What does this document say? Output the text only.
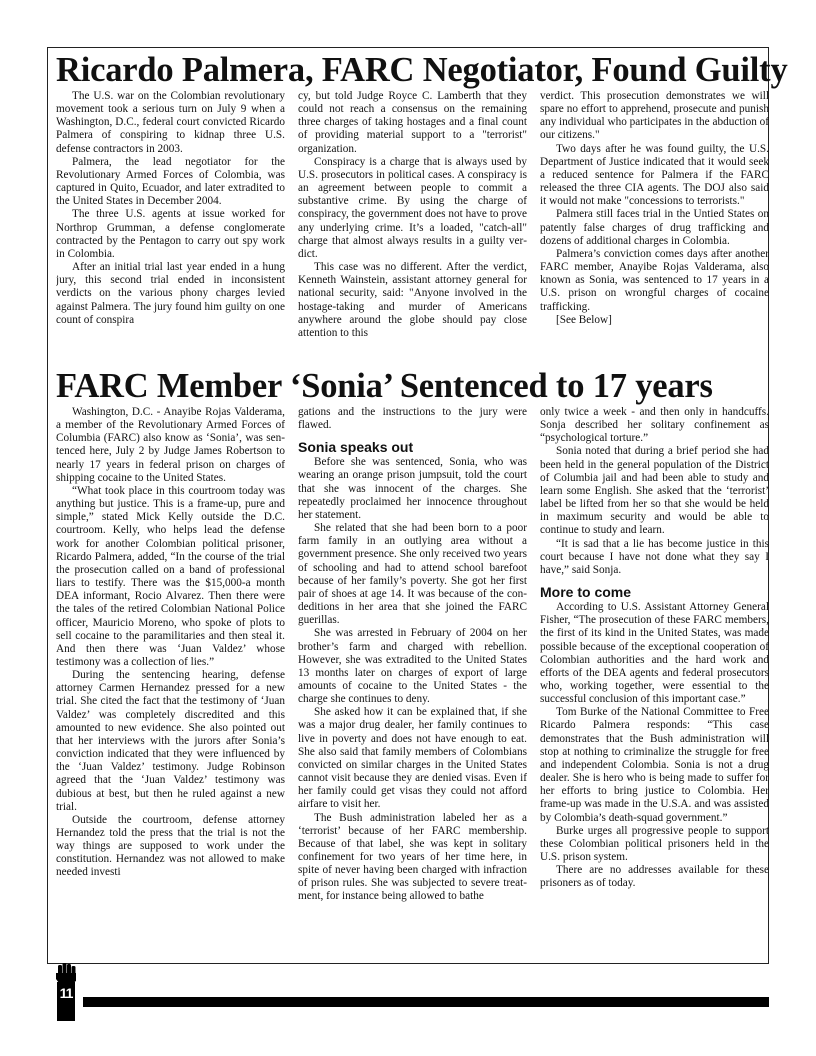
Ricardo Palmera, FARC Negotiator, Found Guilty

The U.S. war on the Colombian revolutionary movement took a serious turn on July 9 when a Washington, D.C., federal court convicted Ricardo Palmera of conspiring to kidnap three U.S. defense contractors in 2003.

Palmera, the lead negotiator for the Revolutionary Armed Forces of Colombia, was captured in Quito, Ecuador, and later extradited to the United States in December 2004.

The three U.S. agents at issue worked for Northrop Grumman, a defense conglomerate contracted by the Pentagon to carry out spy work in Colombia.

After an initial trial last year ended in a hung jury, this second trial ended in inconsistent verdicts on the various phony charges levied against Palmera. The jury found him guilty on one count of conspira

cy, but told Judge Royce C. Lamberth that they could not reach a consensus on the remaining three charges of taking hostages and a final count of providing material support to a "terrorist" organization.

Conspiracy is a charge that is always used by U.S. prosecutors in political cases. A conspiracy is an agreement between people to commit a substantive crime. By using the charge of conspiracy, the government does not have to prove any underlying crime. It’s a loaded, "catch-all" charge that almost always results in a guilty verdict.

This case was no different. After the verdict, Kenneth Wainstein, assistant attorney general for national security, said: "Anyone involved in the hostage-taking and murder of Americans anywhere around the globe should pay close attention to this

verdict. This prosecution demonstrates we will spare no effort to apprehend, prosecute and punish any individual who participates in the abduction of our citizens."

Two days after he was found guilty, the U.S. Department of Justice indicated that it would seek a reduced sentence for Palmera if the FARC released the three CIA agents. The DOJ also said it would not make "concessions to terrorists."

Palmera still faces trial in the Untied States on patently false charges of drug trafficking and dozens of additional charges in Colombia.

Palmera’s conviction comes days after another FARC member, Anayibe Rojas Valderama, also known as Sonia, was sentenced to 17 years in a U.S. prison on wrongful charges of cocaine trafficking.

[See Below]

FARC Member ‘Sonia’ Sentenced to 17 years

Washington, D.C. - Anayibe Rojas Valderama, a member of the Revolutionary Armed Forces of Columbia (FARC) also know as ‘Sonia’, was sentenced here, July 2 by Judge James Robertson to nearly 17 years in federal prison on charges of shipping cocaine to the United States.

“What took place in this courtroom today was anything but justice. This is a frame-up, pure and simple,” stated Mick Kelly outside the D.C. courtroom. Kelly, who helps lead the defense work for another Colombian political prisoner, Ricardo Palmera, added, “In the course of the trial the prosecution called on a band of professional liars to testify. There was the $15,000-a month DEA informant, Rocio Alvarez. Then there were the tales of the retired Colombian National Police officer, Mauricio Moreno, who spoke of plots to sell cocaine to the paramilitaries and then steal it. And then there was ‘Juan Valdez’ whose testimony was a collection of lies.”

During the sentencing hearing, defense attorney Carmen Hernandez pressed for a new trial. She cited the fact that the testimony of ‘Juan Valdez’ was completely discredited and this amounted to new evidence. She also pointed out that her interviews with the jurors after Sonia’s conviction indicated that they were influenced by the ‘Juan Valdez’ testimony. Judge Robinson agreed that the ‘Juan Valdez’ testimony was dubious at best, but then he ruled against a new trial.

Outside the courtroom, defense attorney Hernandez told the press that the trial is not the way things are supposed to work under the constitution. Hernandez was not allowed to make needed investi

gations and the instructions to the jury were flawed.

Sonia speaks out

Before she was sentenced, Sonia, who was wearing an orange prison jumpsuit, told the court that she was innocent of the charges. She repeatedly proclaimed her innocence throughout her statement.

She related that she had been born to a poor farm family in an outlying area without a government presence. She only received two years of schooling and had to attend school barefoot because of her family’s poverty. She got her first pair of shoes at age 14. It was because of the condeditions in her area that she joined the FARC guerillas.

She was arrested in February of 2004 on her brother’s farm and charged with rebellion. However, she was extradited to the United States 13 months later on charges of export of large amounts of cocaine to the United States - the charge she continues to deny.

She asked how it can be explained that, if she was a major drug dealer, her family continues to live in poverty and does not have enough to eat. She also said that family members of Colombians convicted on similar charges in the United States cannot visit because they are denied visas. Even if her family could get visas they could not afford airfare to visit her.

The Bush administration labeled her as a ‘terrorist’ because of her FARC membership. Because of that label, she was kept in solitary confinement for two years of her time here, in spite of never having been charged with infraction of prison rules. She was subjected to severe treatment, for instance being allowed to bathe

only twice a week - and then only in handcuffs. Sonja described her solitary confinement as “psychological torture.”

Sonia noted that during a brief period she had been held in the general population of the District of Columbia jail and had been able to study and learn some English. She asked that the ‘terrorist’ label be lifted from her so that she would be held in maximum security and would be able to continue to study and learn.

“It is sad that a lie has become justice in this court because I have not done what they say I have,” said Sonja.

More to come

According to U.S. Assistant Attorney General Fisher, “The prosecution of these FARC members, the first of its kind in the United States, was made possible because of the exceptional cooperation of Colombian authorities and the hard work and efforts of the DEA agents and federal prosecutors who, working together, were essential to the successful conclusion of this important case.”

Tom Burke of the National Committee to Free Ricardo Palmera responds: “This case demonstrates that the Bush administration will stop at nothing to criminalize the struggle for free and independent Colombia. Sonia is not a drug dealer. She is hero who is being made to suffer for her efforts to bring justice to Colombia. Her frame-up was made in the U.S.A. and was assisted by Colombia’s death-squad government.”

Burke urges all progressive people to support these Colombian political prisoners held in the U.S. prison system.

There are no addresses available for these prisoners as of today.

11
